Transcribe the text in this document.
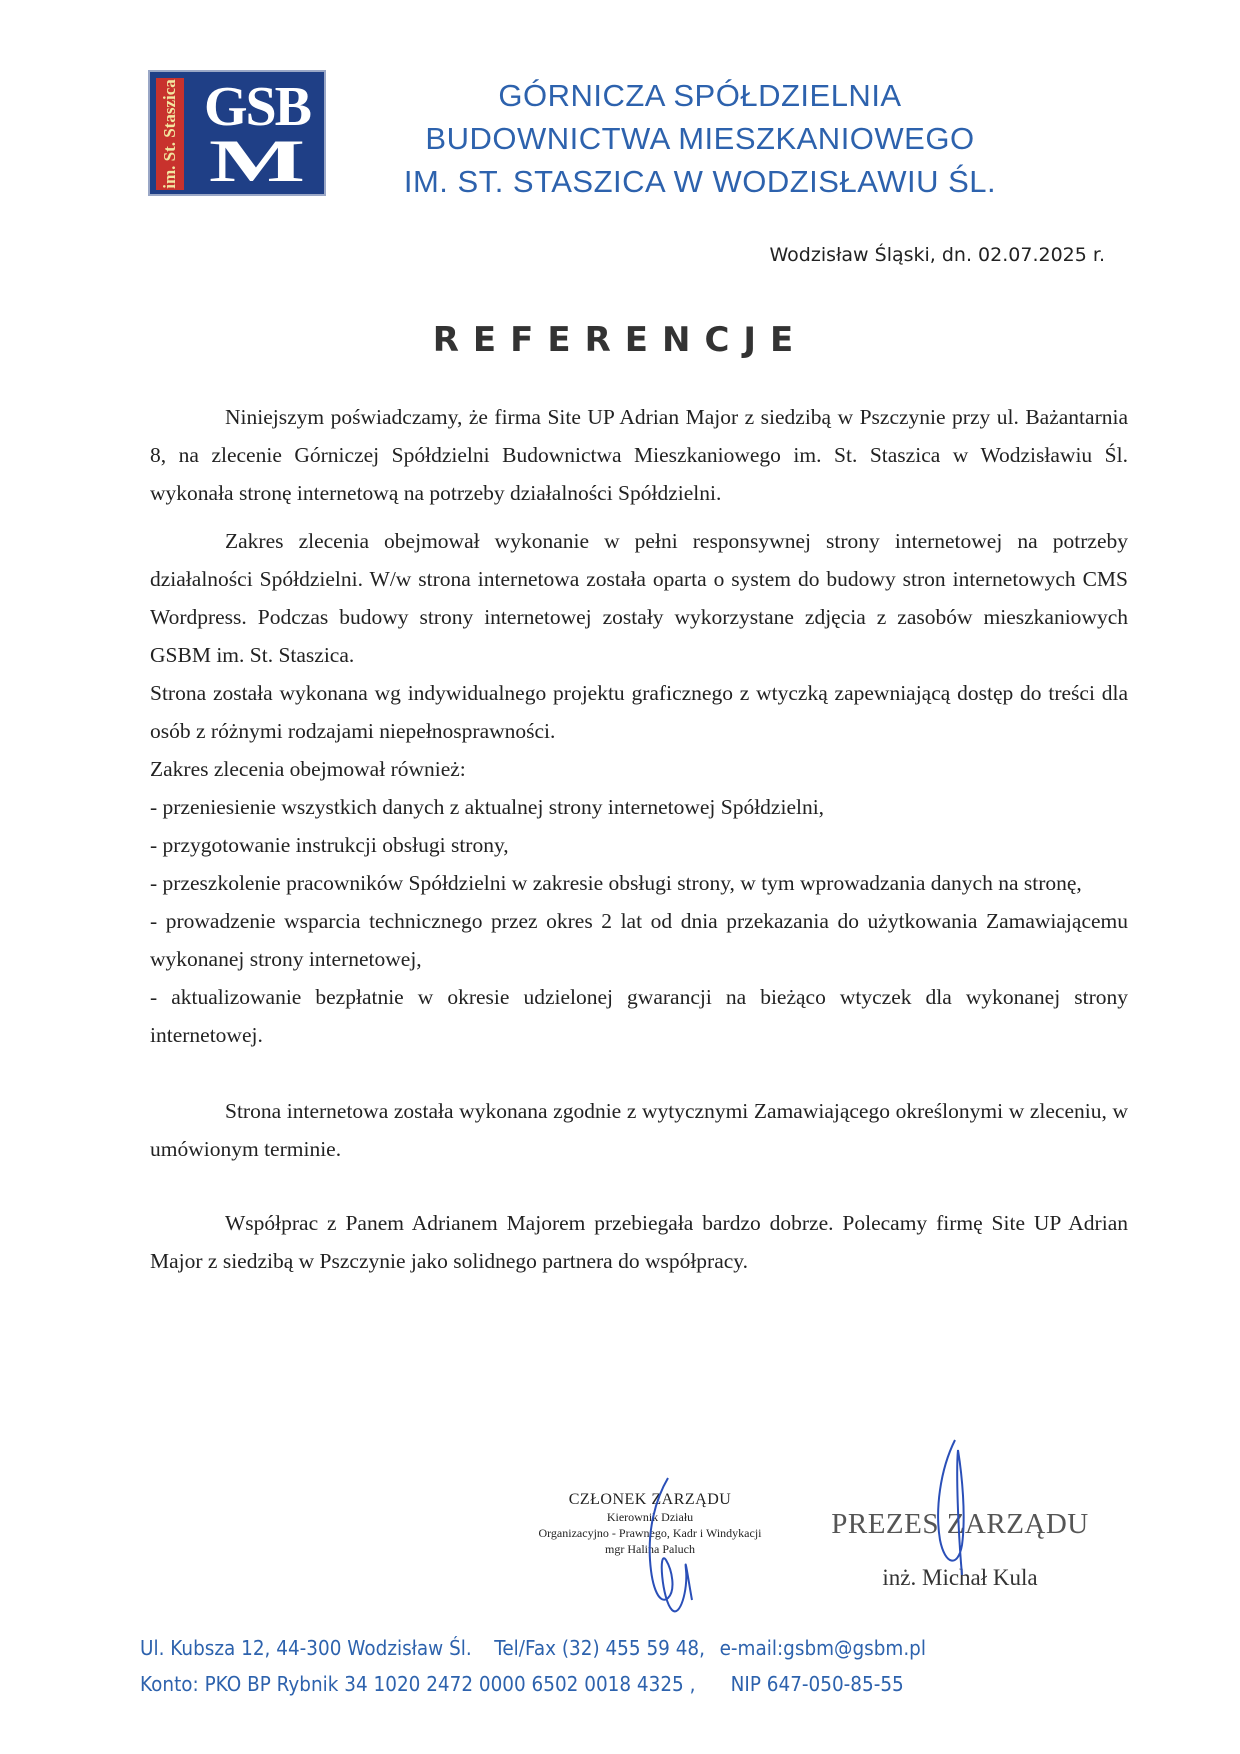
im. St. Staszica GSB
M
GÓRNICZA SPÓŁDZIELNIA
BUDOWNICTWA MIESZKANIOWEGO
IM. ST. STASZICA W WODZISŁAWIU ŚL.
Wodzisław Śląski, dn. 02.07.2025 r.
REFERENCJE

Niniejszym poświadczamy, że firma Site UP Adrian Major z siedzibą w Pszczynie przy ul. Bażantarnia 8, na zlecenie Górniczej Spółdzielni Budownictwa Mieszkaniowego im. St. Staszica w Wodzisławiu Śl. wykonała stronę internetową na potrzeby działalności Spółdzielni.

Zakres zlecenia obejmował wykonanie w pełni responsywnej strony internetowej na potrzeby działalności Spółdzielni. W/w strona internetowa została oparta o system do budowy stron internetowych CMS Wordpress. Podczas budowy strony internetowej zostały wykorzystane zdjęcia z zasobów mieszkaniowych GSBM im. St. Staszica.

Strona została wykonana wg indywidualnego projektu graficznego z wtyczką zapewniającą dostęp do treści dla osób z różnymi rodzajami niepełnosprawności.

Zakres zlecenia obejmował również:

- przeniesienie wszystkich danych z aktualnej strony internetowej Spółdzielni,

- przygotowanie instrukcji obsługi strony,

- przeszkolenie pracowników Spółdzielni w zakresie obsługi strony, w tym wprowadzania danych na stronę,

- prowadzenie wsparcia technicznego przez okres 2 lat od dnia przekazania do użytkowania Zamawiającemu wykonanej strony internetowej,

- aktualizowanie bezpłatnie w okresie udzielonej gwarancji na bieżąco wtyczek dla wykonanej strony internetowej.

Strona internetowa została wykonana zgodnie z wytycznymi Zamawiającego określonymi w zleceniu, w umówionym terminie.

Współprac z Panem Adrianem Majorem przebiegała bardzo dobrze. Polecamy firmę Site UP Adrian Major z siedzibą w Pszczynie jako solidnego partnera do współpracy.

CZŁONEK ZARZĄDU
Kierownik Działu
Organizacyjno - Prawnego, Kadr i Windykacji
mgr Halina Paluch
PREZES ZARZĄDU
inż. Michał Kula
Ul. Kubsza 12, 44-300 Wodzisław Śl. Tel/Fax (32) 455 59 48, e-mail:gsbm@gsbm.pl
Konto: PKO BP Rybnik 34 1020 2472 0000 6502 0018 4325 , NIP 647-050-85-55
